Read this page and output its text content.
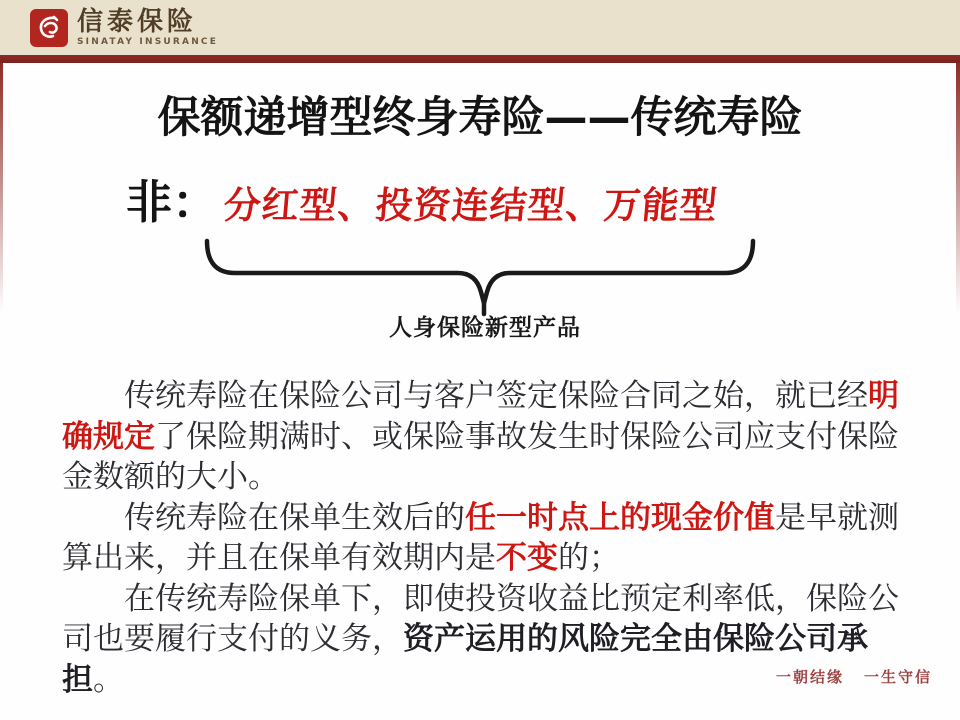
信泰保险
SINATAY INSURANCE
保额递增型终身寿险——传统寿险
非： 分红型、投资连结型、万能型
人身保险新型产品

　　传统寿险在保险公司与客户签定保险合同之始，就已经明确规定了保险期满时、或保险事故发生时保险公司应支付保险金数额的大小。

　　传统寿险在保单生效后的任一时点上的现金价值是早就测算出来，并且在保单有效期内是不变的；

　　在传统寿险保单下，即使投资收益比预定利率低，保险公司也要履行支付的义务，资产运用的风险完全由保险公司承担。	一朝结缘 一生守信
